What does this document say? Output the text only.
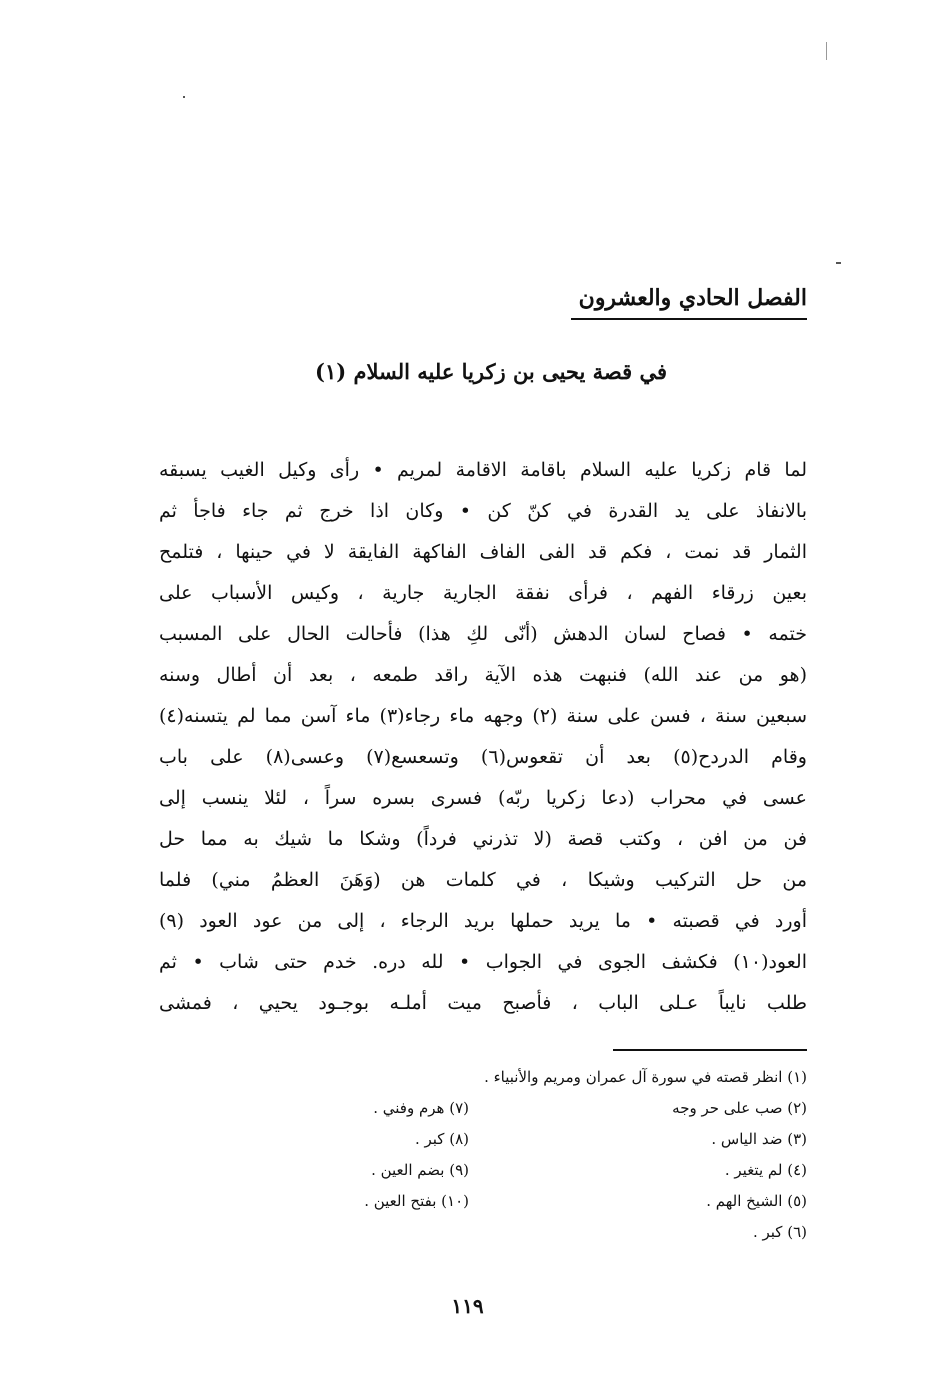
الفصل الحادي والعشرون
في قصة يحيى بن زكريا عليه السلام (١)
لما قام زكريا عليه السلام باقامة الاقامة لمريم • رأى وكيل الغيب يسبقه
بالانفاذ على يد القدرة في كنّ كن • وكان اذا خرج ثم جاء فاجأ ثم
الثمار قد نمت ، فكم قد الفى الفاف الفاكهة الفايقة لا في حينها ، فتلمح
بعين زرقاء الفهم ، فرأى نفقة الجارية جارية ، وكيس الأسباب على
ختمه • فصاح لسان الدهش (أنّى لكِ هذا) فأحالت الحال على المسبب
(هو من عند الله) فنبهت هذه الآية راقد طمعه ، بعد أن أطال وسنه
سبعين سنة ، فسن على سنة (٢) وجهه ماء رجاء(٣) ماء آسن مما لم يتسنه(٤)
وقام الدردح(٥) بعد أن تقعوس(٦) وتسعسع(٧) وعسى(٨) على باب
عسى في محراب (دعا زكريا ربّه) فسرى بسره سراً ، لئلا ينسب إلى
فن من افن ، وكتب قصة (لا تذرني فرداً) وشكا ما شيك به مما حل
من حل التركيب وشيكا ، في كلمات هن (وَهَنَ العظمُ مني) فلما
أورد في قصبته • ما يريد حملها بريد الرجاء ، إلى من عود العود (٩)
العود(١٠) فكشف الجوى في الجواب • لله دره. خدم حتى شاب • ثم
طلب نايباً عـلى الباب ، فأصبح ميت أملـه بوجـود يحيي ، فمشى
(١) انظر قصته في سورة آل عمران ومريم والأنبياء .
(٢) صب على حر وجه
(٧) هرم وفني .
(٣) ضد الياس .
(٨) كبر .
(٤) لم يتغير .
(٩) بضم العين .
(٥) الشيخ الهم .
(١٠) بفتح العين .
(٦) كبر .
١١٩
